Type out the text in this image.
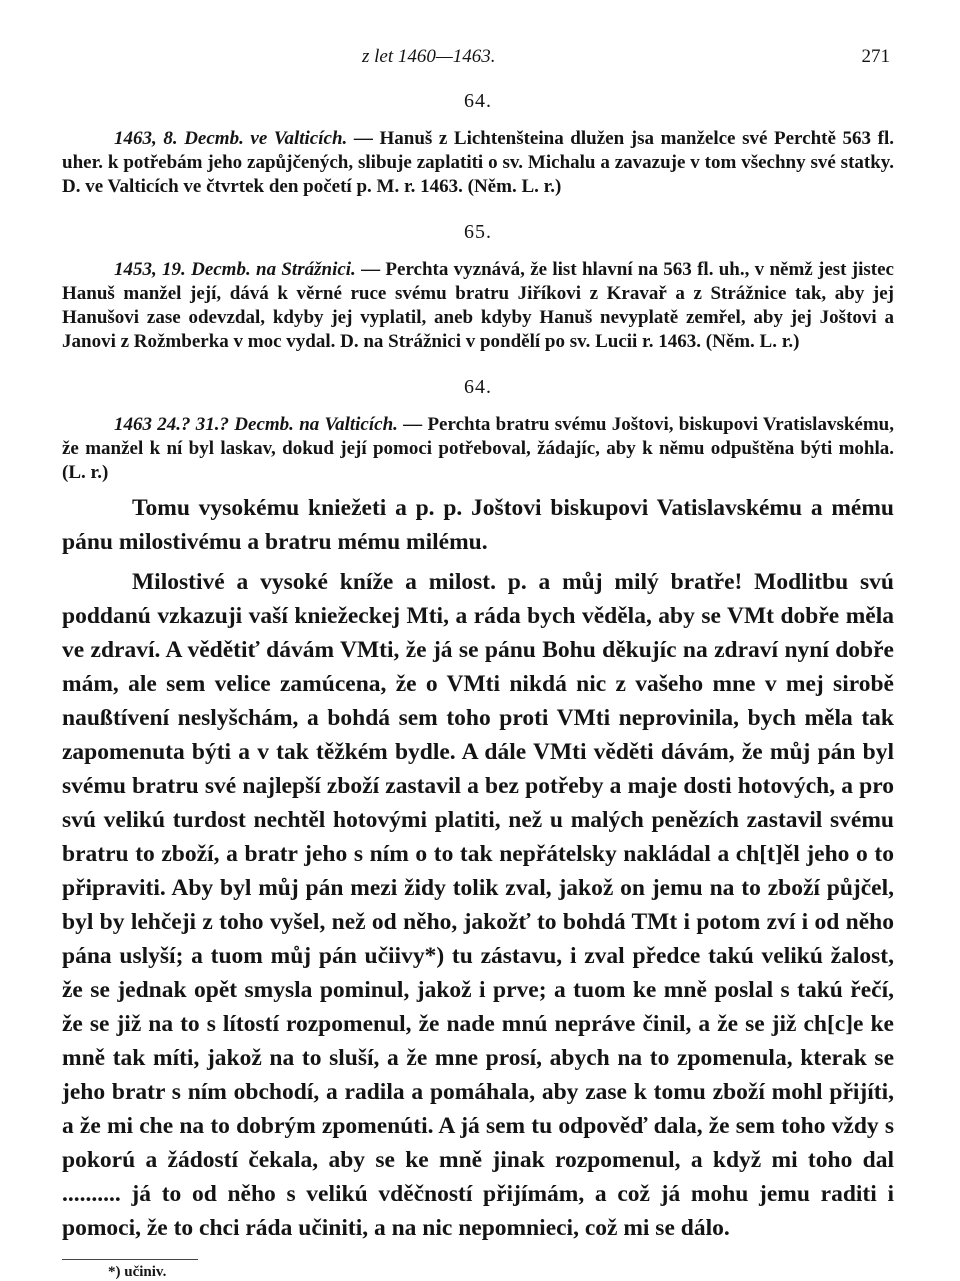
z let 1460—1463.	271
64.
1463, 8. Decmb. ve Valticích. — Hanuš z Lichtenšteina dlužen jsa manželce své Perchtě 563 fl. uher. k potřebám jeho zapůjčených, slibuje zaplatiti o sv. Michalu a zavazuje v tom všechny své statky. D. ve Valticích ve čtvrtek den početí p. M. r. 1463. (Něm. L. r.)
65.
1453, 19. Decmb. na Strážnici. — Perchta vyznává, že list hlavní na 563 fl. uh., v němž jest jistec Hanuš manžel její, dává k věrné ruce svému bratru Jiříkovi z Kravař a z Strážnice tak, aby jej Hanušovi zase odevzdal, kdyby jej vyplatil, aneb kdyby Hanuš nevyplatě zemřel, aby jej Joštovi a Janovi z Rožmberka v moc vydal. D. na Strážnici v pondělí po sv. Lucii r. 1463. (Něm. L. r.)
64.
1463 24.? 31.? Decmb. na Valticích. — Perchta bratru svému Joštovi, biskupovi Vratislavskému, že manžel k ní byl laskav, dokud její pomoci potřeboval, žádajíc, aby k němu odpuštěna býti mohla. (L. r.)

Tomu vysokému kniežeti a p. p. Joštovi biskupovi Vatislavskému a mému pánu milostivému a bratru mému milému.

Milostivé a vysoké kníže a milost. p. a můj milý bratře! Modlitbu svú poddanú vzkazuji vaší kniežeckej Mti, a ráda bych věděla, aby se VMt dobře měla ve zdraví. A vědětiť dávám VMti, že já se pánu Bohu děkujíc na zdraví nyní dobře mám, ale sem velice zamúcena, že o VMti nikdá nic z vašeho mne v mej sirobě naußtívení neslyšchám, a bohdá sem toho proti VMti neprovinila, bych měla tak zapomenuta býti a v tak těžkém bydle. A dále VMti věděti dávám, že můj pán byl svému bratru své najlepší zboží zastavil a bez potřeby a maje dosti hotových, a pro svú velikú turdost nechtěl hotovými platiti, než u malých penězích zastavil svému bratru to zboží, a bratr jeho s ním o to tak nepřátelsky nakládal a ch[t]ěl jeho o to připraviti. Aby byl můj pán mezi židy tolik zval, jakož on jemu na to zboží půjčel, byl by lehčeji z toho vyšel, než od něho, jakožť to bohdá TMt i potom zví i od něho pána uslyší; a tuom můj pán učiivy*) tu zástavu, i zval předce takú velikú žalost, že se jednak opět smysla pominul, jakož i prve; a tuom ke mně poslal s takú řečí, že se již na to s lítostí rozpomenul, že nade mnú nepráve činil, a že se již ch[c]e ke mně tak míti, jakož na to sluší, a že mne prosí, abych na to zpomenula, kterak se jeho bratr s ním obchodí, a radila a pomáhala, aby zase k tomu zboží mohl přijíti, a že mi che na to dobrým zpomenúti. A já sem tu odpověď dala, že sem toho vždy s pokorú a žádostí čekala, aby se ke mně jinak rozpomenul, a když mi toho dal .......... já to od něho s velikú vděčností přijímám, a což já mohu jemu raditi i pomoci, že to chci ráda učiniti, a na nic nepomnieci, což mi se dálo.

*) učiniv.
